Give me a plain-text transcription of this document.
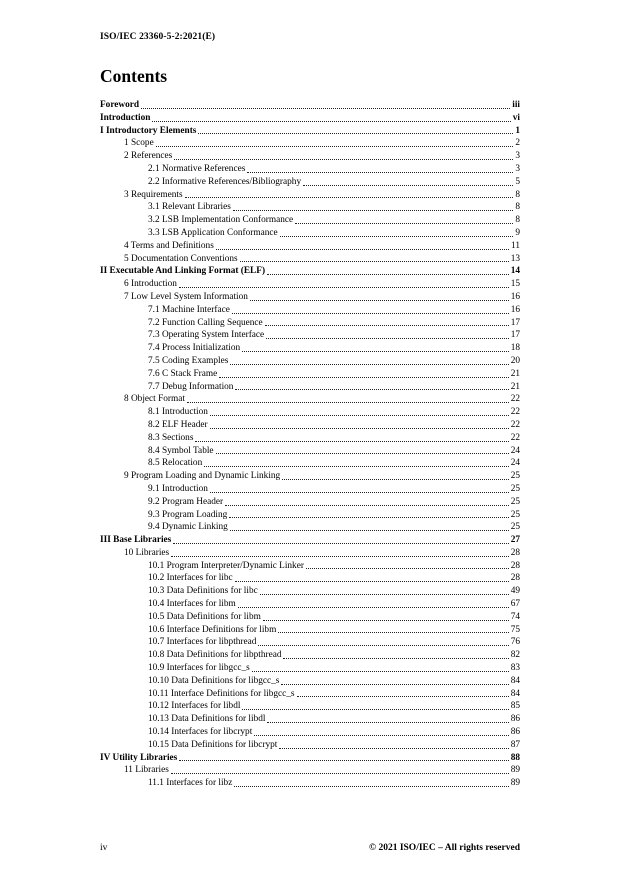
ISO/IEC 23360-5-2:2021(E)
Contents
Foreword	iii
Introduction	vi
I Introductory Elements	1
1 Scope	2
2 References	3
2.1 Normative References	3
2.2 Informative References/Bibliography	5
3 Requirements	8
3.1 Relevant Libraries	8
3.2 LSB Implementation Conformance	8
3.3 LSB Application Conformance	9
4 Terms and Definitions	11
5 Documentation Conventions	13
II Executable And Linking Format (ELF)	14
6 Introduction	15
7 Low Level System Information	16
7.1 Machine Interface	16
7.2 Function Calling Sequence	17
7.3 Operating System Interface	17
7.4 Process Initialization	18
7.5 Coding Examples	20
7.6 C Stack Frame	21
7.7 Debug Information	21
8 Object Format	22
8.1 Introduction	22
8.2 ELF Header	22
8.3 Sections	22
8.4 Symbol Table	24
8.5 Relocation	24
9 Program Loading and Dynamic Linking	25
9.1 Introduction	25
9.2 Program Header	25
9.3 Program Loading	25
9.4 Dynamic Linking	25
III Base Libraries	27
10 Libraries	28
10.1 Program Interpreter/Dynamic Linker	28
10.2 Interfaces for libc	28
10.3 Data Definitions for libc	49
10.4 Interfaces for libm	67
10.5 Data Definitions for libm	74
10.6 Interface Definitions for libm	75
10.7 Interfaces for libpthread	76
10.8 Data Definitions for libpthread	82
10.9 Interfaces for libgcc_s	83
10.10 Data Definitions for libgcc_s	84
10.11 Interface Definitions for libgcc_s	84
10.12 Interfaces for libdl	85
10.13 Data Definitions for libdl	86
10.14 Interfaces for libcrypt	86
10.15 Data Definitions for libcrypt	87
IV Utility Libraries	88
11 Libraries	89
11.1 Interfaces for libz	89
iv	© 2021 ISO/IEC – All rights reserved
